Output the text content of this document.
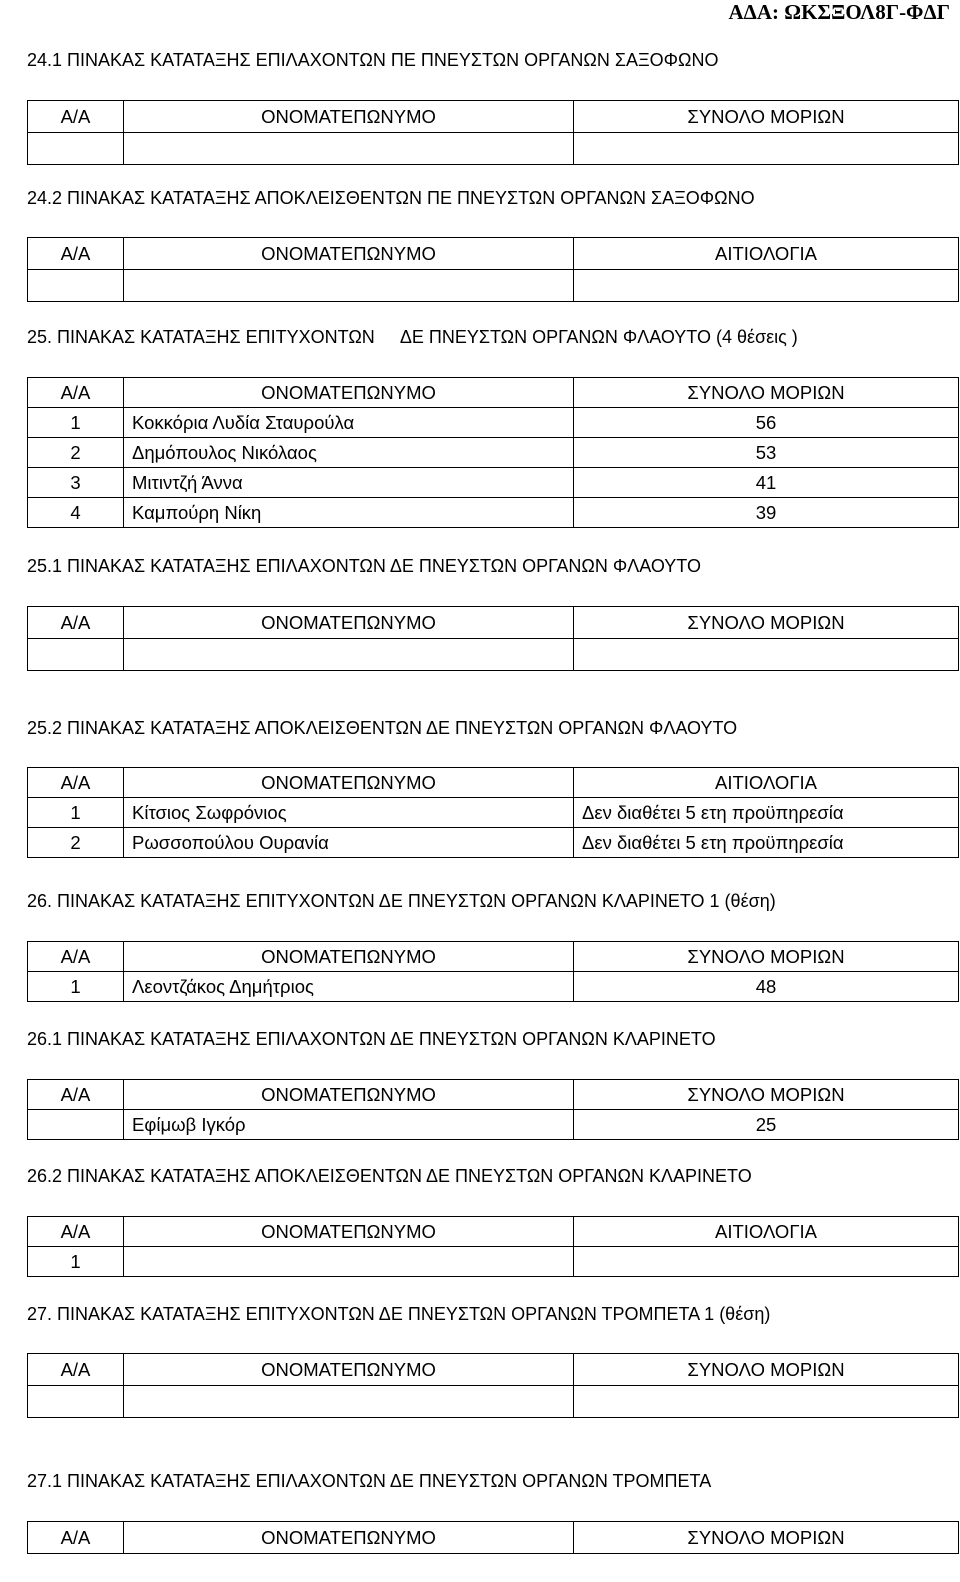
ΑΔΑ: ΩΚΣΞΟΛ8Γ-ΦΔΓ
24.1 ΠΙΝΑΚΑΣ ΚΑΤΑΤΑΞΗΣ ΕΠΙΛΑΧΟΝΤΩΝ ΠΕ ΠΝΕΥΣΤΩΝ ΟΡΓΑΝΩΝ ΣΑΞΟΦΩΝΟ
Α/Α	ΟΝΟΜΑΤΕΠΩΝΥΜΟ	ΣΥΝΟΛΟ ΜΟΡΙΩΝ

24.2 ΠΙΝΑΚΑΣ ΚΑΤΑΤΑΞΗΣ ΑΠΟΚΛΕΙΣΘΕΝΤΩΝ ΠΕ ΠΝΕΥΣΤΩΝ ΟΡΓΑΝΩΝ ΣΑΞΟΦΩΝΟ
Α/Α	ΟΝΟΜΑΤΕΠΩΝΥΜΟ	ΑΙΤΙΟΛΟΓΙΑ

25. ΠΙΝΑΚΑΣ ΚΑΤΑΤΑΞΗΣ ΕΠΙΤΥΧΟΝΤΩΝ ΔΕ ΠΝΕΥΣΤΩΝ ΟΡΓΑΝΩΝ ΦΛΑΟΥΤΟ (4 θέσεις )
Α/Α	ΟΝΟΜΑΤΕΠΩΝΥΜΟ	ΣΥΝΟΛΟ ΜΟΡΙΩΝ
1	Κοκκόρια Λυδία Σταυρούλα	56
2	Δημόπουλος Νικόλαος	53
3	Μιτιντζή Άννα	41
4	Καμπούρη Νίκη	39
25.1 ΠΙΝΑΚΑΣ ΚΑΤΑΤΑΞΗΣ ΕΠΙΛΑΧΟΝΤΩΝ ΔΕ ΠΝΕΥΣΤΩΝ ΟΡΓΑΝΩΝ ΦΛΑΟΥΤΟ
Α/Α	ΟΝΟΜΑΤΕΠΩΝΥΜΟ	ΣΥΝΟΛΟ ΜΟΡΙΩΝ

25.2 ΠΙΝΑΚΑΣ ΚΑΤΑΤΑΞΗΣ ΑΠΟΚΛΕΙΣΘΕΝΤΩΝ ΔΕ ΠΝΕΥΣΤΩΝ ΟΡΓΑΝΩΝ ΦΛΑΟΥΤΟ
Α/Α	ΟΝΟΜΑΤΕΠΩΝΥΜΟ	ΑΙΤΙΟΛΟΓΙΑ
1	Κίτσιος Σωφρόνιος	Δεν διαθέτει 5 ετη προϋπηρεσία
2	Ρωσσοπούλου Ουρανία	Δεν διαθέτει 5 ετη προϋπηρεσία
26. ΠΙΝΑΚΑΣ ΚΑΤΑΤΑΞΗΣ ΕΠΙΤΥΧΟΝΤΩΝ ΔΕ ΠΝΕΥΣΤΩΝ ΟΡΓΑΝΩΝ ΚΛΑΡΙΝΕΤΟ 1 (θέση)
Α/Α	ΟΝΟΜΑΤΕΠΩΝΥΜΟ	ΣΥΝΟΛΟ ΜΟΡΙΩΝ
1	Λεοντζάκος Δημήτριος	48
26.1 ΠΙΝΑΚΑΣ ΚΑΤΑΤΑΞΗΣ ΕΠΙΛΑΧΟΝΤΩΝ ΔΕ ΠΝΕΥΣΤΩΝ ΟΡΓΑΝΩΝ ΚΛΑΡΙΝΕΤΟ
Α/Α	ΟΝΟΜΑΤΕΠΩΝΥΜΟ	ΣΥΝΟΛΟ ΜΟΡΙΩΝ
	Εφίμωβ Ιγκόρ	25
26.2 ΠΙΝΑΚΑΣ ΚΑΤΑΤΑΞΗΣ ΑΠΟΚΛΕΙΣΘΕΝΤΩΝ ΔΕ ΠΝΕΥΣΤΩΝ ΟΡΓΑΝΩΝ ΚΛΑΡΙΝΕΤΟ
Α/Α	ΟΝΟΜΑΤΕΠΩΝΥΜΟ	ΑΙΤΙΟΛΟΓΙΑ
1		
27. ΠΙΝΑΚΑΣ ΚΑΤΑΤΑΞΗΣ ΕΠΙΤΥΧΟΝΤΩΝ ΔΕ ΠΝΕΥΣΤΩΝ ΟΡΓΑΝΩΝ ΤΡΟΜΠΕΤΑ 1 (θέση)
Α/Α	ΟΝΟΜΑΤΕΠΩΝΥΜΟ	ΣΥΝΟΛΟ ΜΟΡΙΩΝ

27.1 ΠΙΝΑΚΑΣ ΚΑΤΑΤΑΞΗΣ ΕΠΙΛΑΧΟΝΤΩΝ ΔΕ ΠΝΕΥΣΤΩΝ ΟΡΓΑΝΩΝ ΤΡΟΜΠΕΤΑ
Α/Α	ΟΝΟΜΑΤΕΠΩΝΥΜΟ	ΣΥΝΟΛΟ ΜΟΡΙΩΝ
